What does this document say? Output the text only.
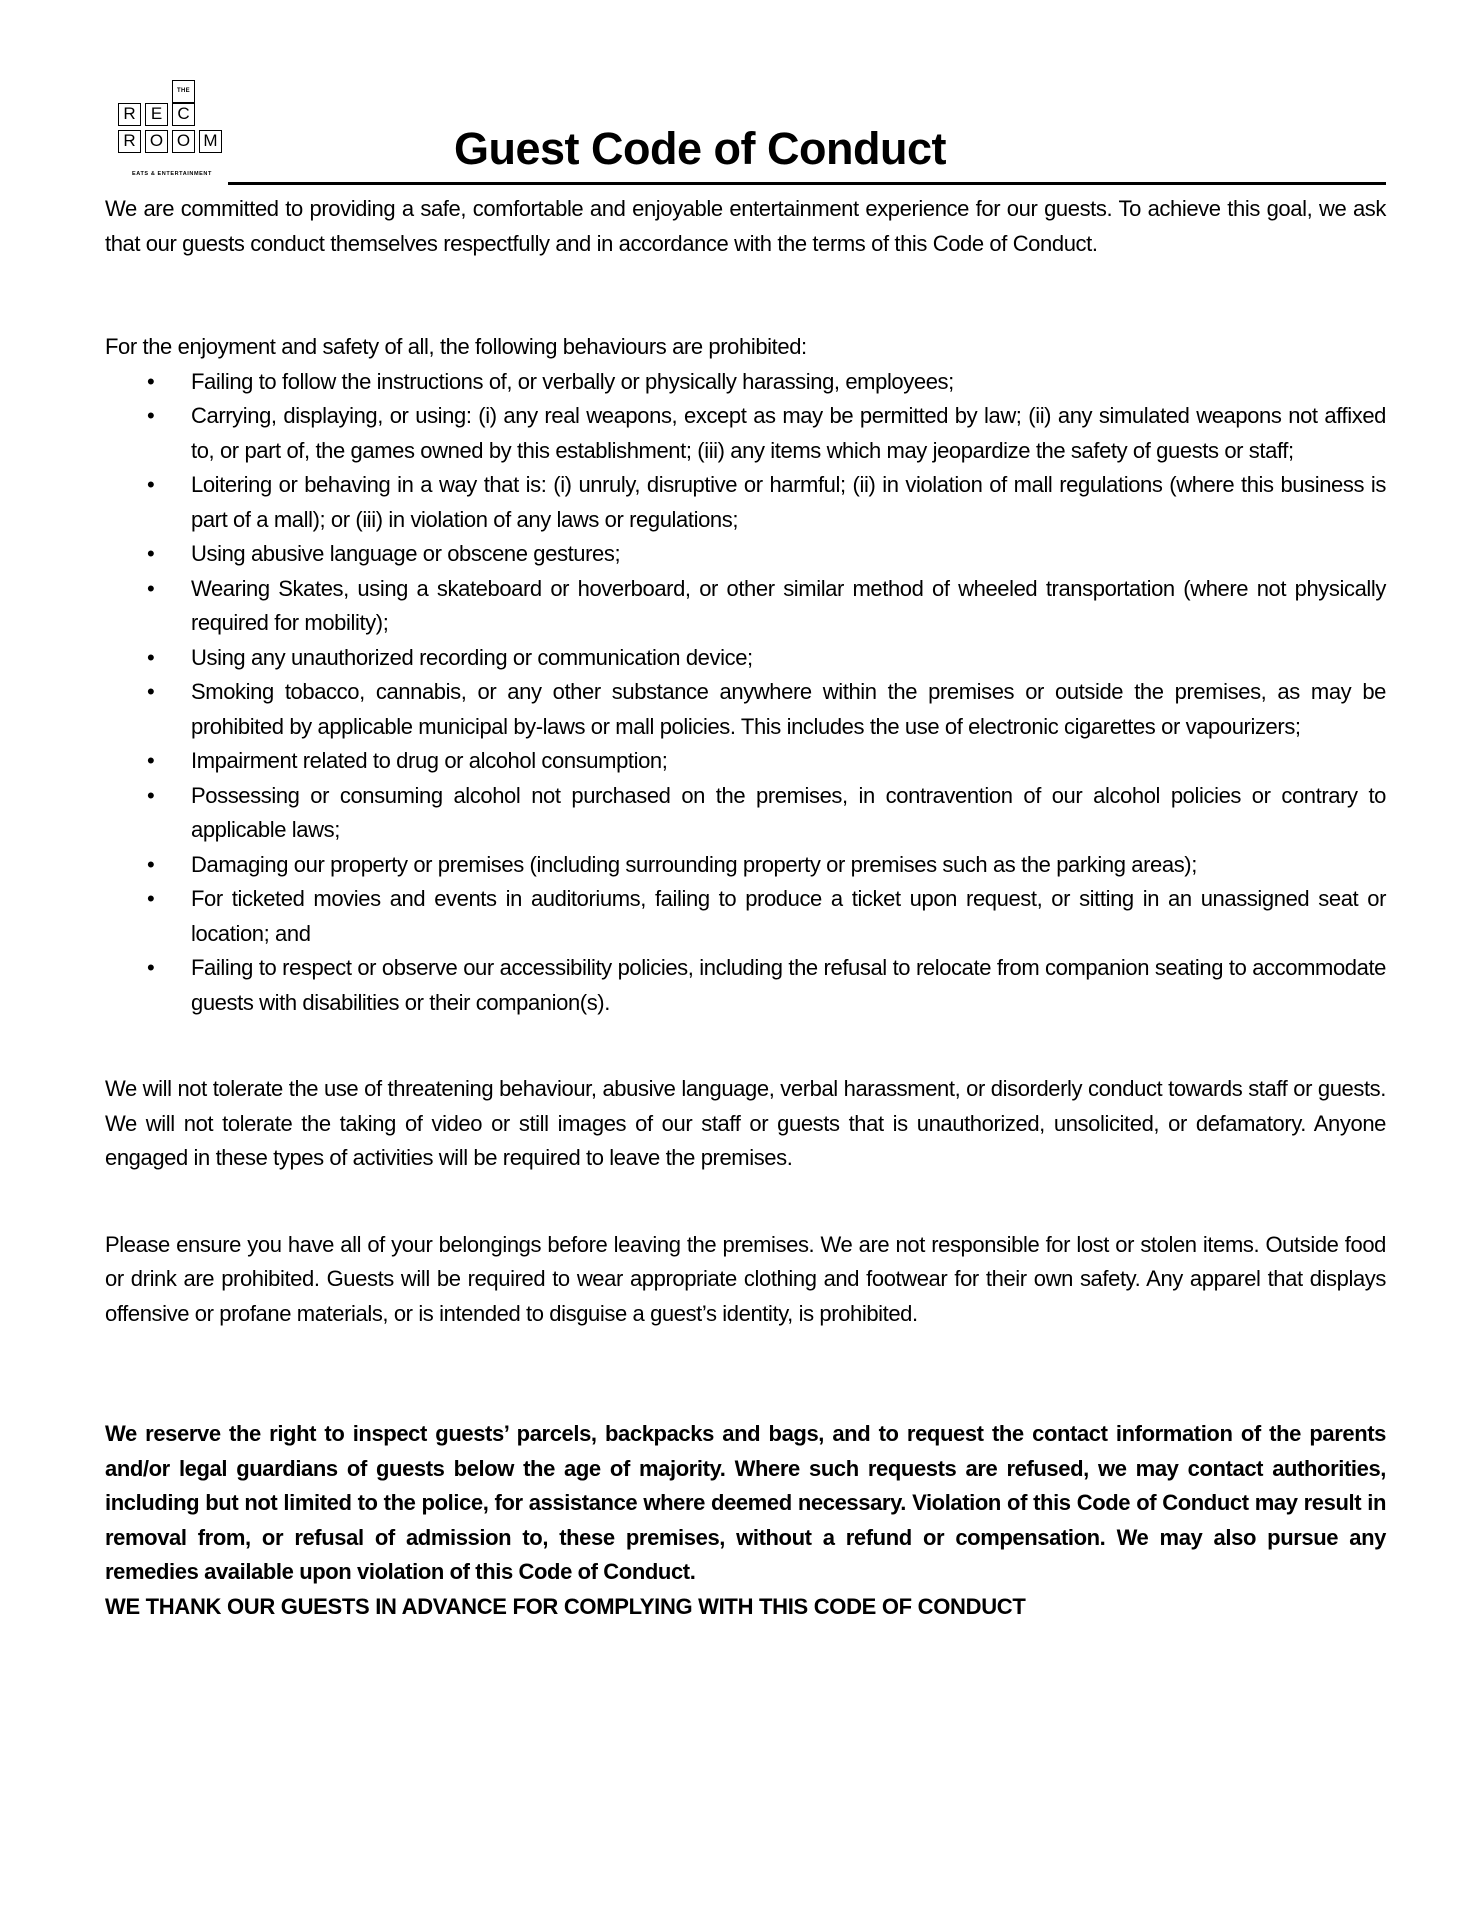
THE
R E C
R O O M
EATS & ENTERTAINMENT	Guest Code of Conduct

We are committed to providing a safe, comfortable and enjoyable entertainment experience for our guests. To achieve this goal, we ask that our guests conduct themselves respectfully and in accordance with the terms of this Code of Conduct.

For the enjoyment and safety of all, the following behaviours are prohibited:

• Failing to follow the instructions of, or verbally or physically harassing, employees;
• Carrying, displaying, or using: (i) any real weapons, except as may be permitted by law; (ii) any simulated weapons not affixed to, or part of, the games owned by this establishment; (iii) any items which may jeopardize the safety of guests or staff;
• Loitering or behaving in a way that is: (i) unruly, disruptive or harmful; (ii) in violation of mall regulations (where this business is part of a mall); or (iii) in violation of any laws or regulations;
• Using abusive language or obscene gestures;
• Wearing Skates, using a skateboard or hoverboard, or other similar method of wheeled transportation (where not physically required for mobility);
• Using any unauthorized recording or communication device;
• Smoking tobacco, cannabis, or any other substance anywhere within the premises or outside the premises, as may be prohibited by applicable municipal by-laws or mall policies. This includes the use of electronic cigarettes or vapourizers;
• Impairment related to drug or alcohol consumption;
• Possessing or consuming alcohol not purchased on the premises, in contravention of our alcohol policies or contrary to applicable laws;
• Damaging our property or premises (including surrounding property or premises such as the parking areas);
• For ticketed movies and events in auditoriums, failing to produce a ticket upon request, or sitting in an unassigned seat or location; and
• Failing to respect or observe our accessibility policies, including the refusal to relocate from companion seating to accommodate guests with disabilities or their companion(s).

We will not tolerate the use of threatening behaviour, abusive language, verbal harassment, or disorderly conduct towards staff or guests. We will not tolerate the taking of video or still images of our staff or guests that is unauthorized, unsolicited, or defamatory. Anyone engaged in these types of activities will be required to leave the premises.

Please ensure you have all of your belongings before leaving the premises. We are not responsible for lost or stolen items. Outside food or drink are prohibited. Guests will be required to wear appropriate clothing and footwear for their own safety. Any apparel that displays offensive or profane materials, or is intended to disguise a guest’s identity, is prohibited.

We reserve the right to inspect guests’ parcels, backpacks and bags, and to request the contact information of the parents and/or legal guardians of guests below the age of majority. Where such requests are refused, we may contact authorities, including but not limited to the police, for assistance where deemed necessary. Violation of this Code of Conduct may result in removal from, or refusal of admission to, these premises, without a refund or compensation. We may also pursue any remedies available upon violation of this Code of Conduct.

WE THANK OUR GUESTS IN ADVANCE FOR COMPLYING WITH THIS CODE OF CONDUCT
